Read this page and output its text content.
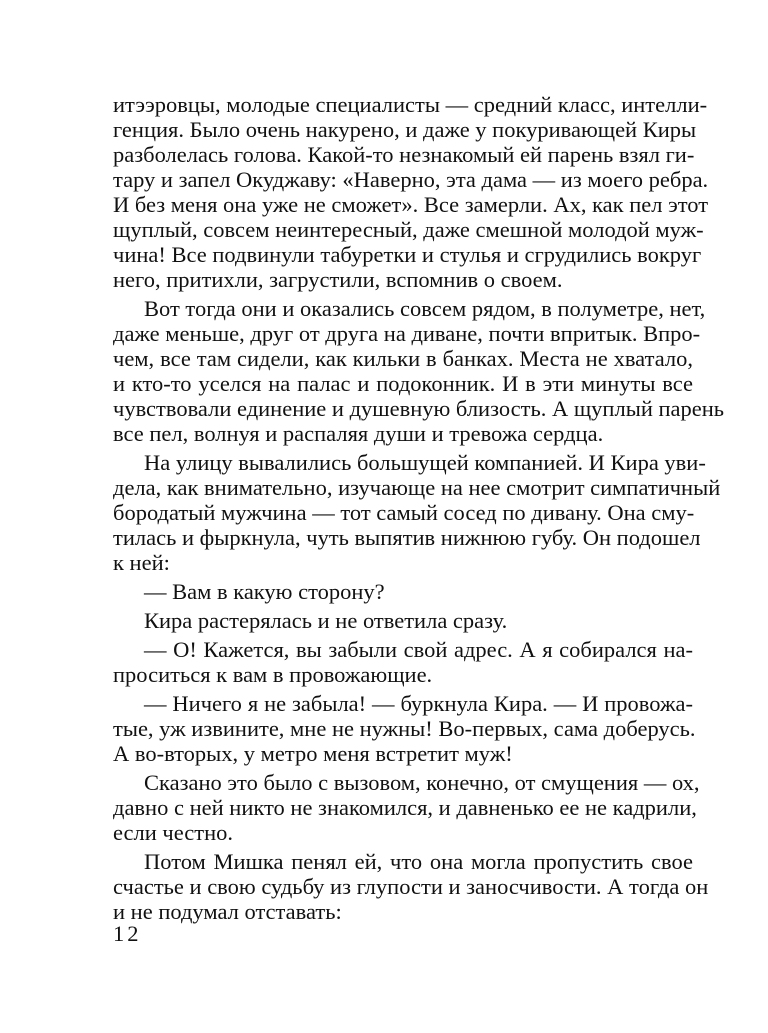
итээровцы, молодые специалисты — средний класс, интелли-
генция. Было очень накурено, и даже у покуривающей Киры
разболелась голова. Какой-то незнакомый ей парень взял ги-
тару и запел Окуджаву: «Наверно, эта дама — из моего ребра.
И без меня она уже не сможет». Все замерли. Ах, как пел этот
щуплый, совсем неинтересный, даже смешной молодой муж-
чина! Все подвинули табуретки и стулья и сгрудились вокруг
него, притихли, загрустили, вспомнив о своем.
Вот тогда они и оказались совсем рядом, в полуметре, нет,
даже меньше, друг от друга на диване, почти впритык. Впро-
чем, все там сидели, как кильки в банках. Места не хватало,
и кто-то уселся на палас и подоконник. И в эти минуты все
чувствовали единение и душевную близость. А щуплый парень
все пел, волнуя и распаляя души и тревожа сердца.
На улицу вывалились большущей компанией. И Кира уви-
дела, как внимательно, изучающе на нее смотрит симпатичный
бородатый мужчина — тот самый сосед по дивану. Она сму-
тилась и фыркнула, чуть выпятив нижнюю губу. Он подошел
к ней:
— Вам в какую сторону?
Кира растерялась и не ответила сразу.
— О! Кажется, вы забыли свой адрес. А я собирался на-
проситься к вам в провожающие.
— Ничего я не забыла! — буркнула Кира. — И провожа-
тые, уж извините, мне не нужны! Во-первых, сама доберусь.
А во-вторых, у метро меня встретит муж!
Сказано это было с вызовом, конечно, от смущения — ох,
давно с ней никто не знакомился, и давненько ее не кадрили,
если честно.
Потом Мишка пенял ей, что она могла пропустить свое
счастье и свою судьбу из глупости и заносчивости. А тогда он
и не подумал отставать:
12
